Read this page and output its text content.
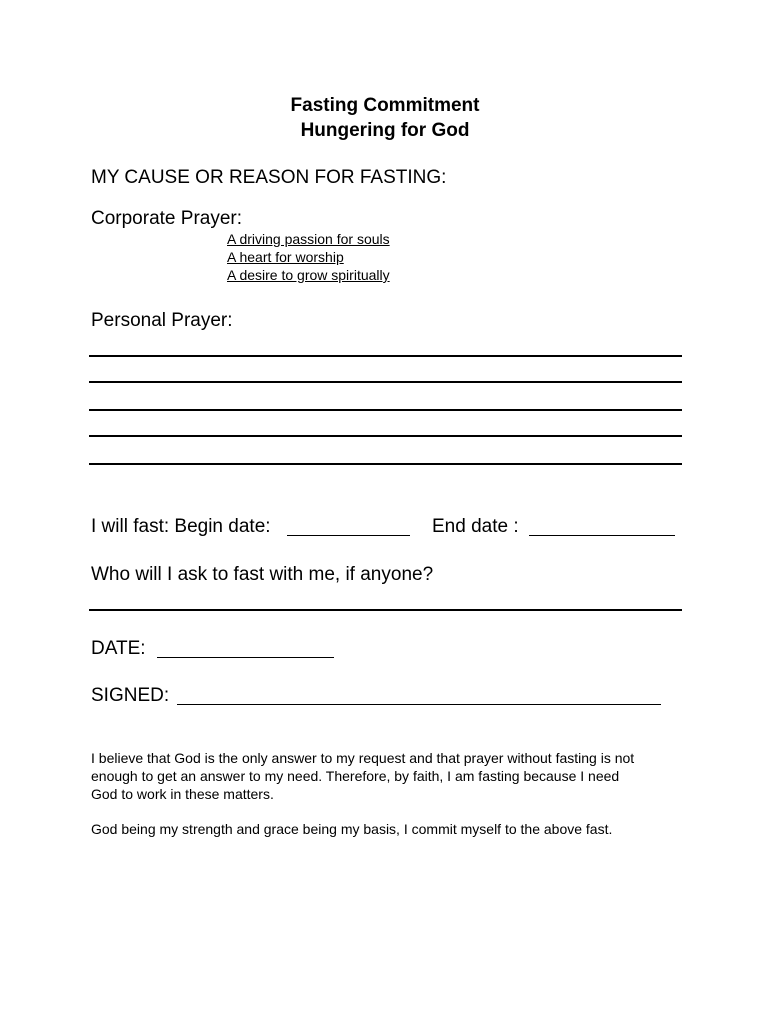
Fasting Commitment
Hungering for God
MY CAUSE OR REASON FOR FASTING:
Corporate Prayer:
A driving passion for souls
A heart for worship
A desire to grow spiritually
Personal Prayer:
I will fast: Begin date:	End date :
Who will I ask to fast with me, if anyone?
DATE:
SIGNED:
I believe that God is the only answer to my request and that prayer without fasting is not
enough to get an answer to my need. Therefore, by faith, I am fasting because I need
God to work in these matters.
God being my strength and grace being my basis, I commit myself to the above fast.
